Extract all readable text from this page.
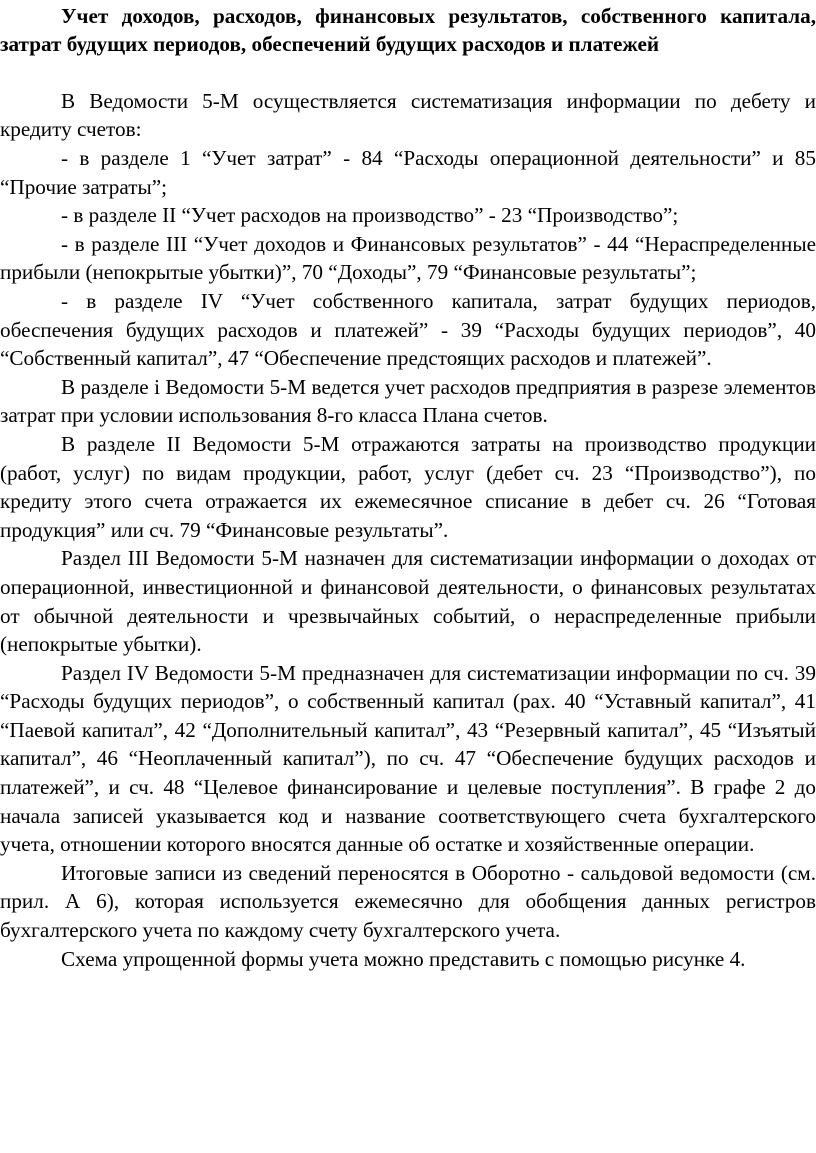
Учет доходов, расходов, финансовых результатов, собственного капитала, затрат будущих периодов, обеспечений будущих расходов и платежей

В Ведомости 5-М осуществляется систематизация информации по дебету и кредиту счетов:

- в разделе 1 “Учет затрат” - 84 “Расходы операционной деятельности” и 85 “Прочие затраты”;

- в разделе II “Учет расходов на производство” - 23 “Производство”;

- в разделе III “Учет доходов и Финансовых результатов” - 44 “Нераспределенные прибыли (непокрытые убытки)”, 70 “Доходы”, 79 “Финансовые результаты”;

- в разделе IV “Учет собственного капитала, затрат будущих периодов, обеспечения будущих расходов и платежей” - 39 “Расходы будущих периодов”, 40 “Собственный капитал”, 47 “Обеспечение предстоящих расходов и платежей”.

В разделе і Ведомости 5-М ведется учет расходов предприятия в разрезе элементов затрат при условии использования 8-го класса Плана счетов.

В разделе II Ведомости 5-М отражаются затраты на производство продукции (работ, услуг) по видам продукции, работ, услуг (дебет сч. 23 “Производство”), по кредиту этого счета отражается их ежемесячное списание в дебет сч. 26 “Готовая продукция” или сч. 79 “Финансовые результаты”.

Раздел III Ведомости 5-М назначен для систематизации информации о доходах от операционной, инвестиционной и финансовой деятельности, о финансовых результатах от обычной деятельности и чрезвычайных событий, о нераспределенные прибыли (непокрытые убытки).

Раздел IV Ведомости 5-М предназначен для систематизации информации по сч. 39 “Расходы будущих периодов”, о собственный капитал (рах. 40 “Уставный капитал”, 41 “Паевой капитал”, 42 “Дополнительный капитал”, 43 “Резервный капитал”, 45 “Изъятый капитал”, 46 “Неоплаченный капитал”), по сч. 47 “Обеспечение будущих расходов и платежей”, и сч. 48 “Целевое финансирование и целевые поступления”. В графе 2 до начала записей указывается код и название соответствующего счета бухгалтерского учета, отношении которого вносятся данные об остатке и хозяйственные операции.

Итоговые записи из сведений переносятся в Оборотно - сальдовой ведомости (см. прил. А 6), которая используется ежемесячно для обобщения данных регистров бухгалтерского учета по каждому счету бухгалтерского учета.

Схема упрощенной формы учета можно представить с помощью рисунке 4.
